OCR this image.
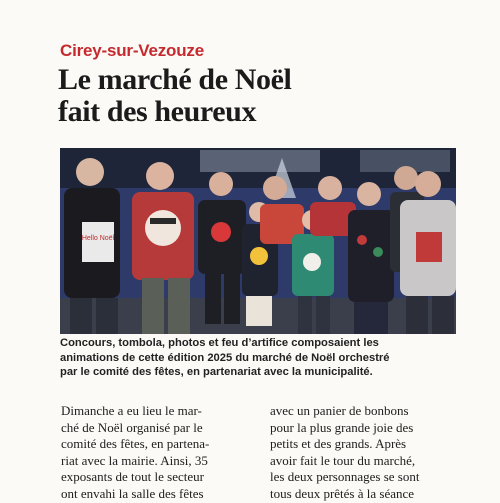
Cirey-sur-Vezouze
Le marché de Noël
fait des heureux
Hello Noël
Concours, tombola, photos et feu d’artifice composaient les
animations de cette édition 2025 du marché de Noël orchestré
par le comité des fêtes, en partenariat avec la municipalité.
Dimanche a eu lieu le mar-
ché de Noël organisé par le
comité des fêtes, en partena-
riat avec la mairie. Ainsi, 35
exposants de tout le secteur
ont envahi la salle des fêtes
avec un panier de bonbons
pour la plus grande joie des
petits et des grands. Après
avoir fait le tour du marché,
les deux personnages se sont
tous deux prêtés à la séance
